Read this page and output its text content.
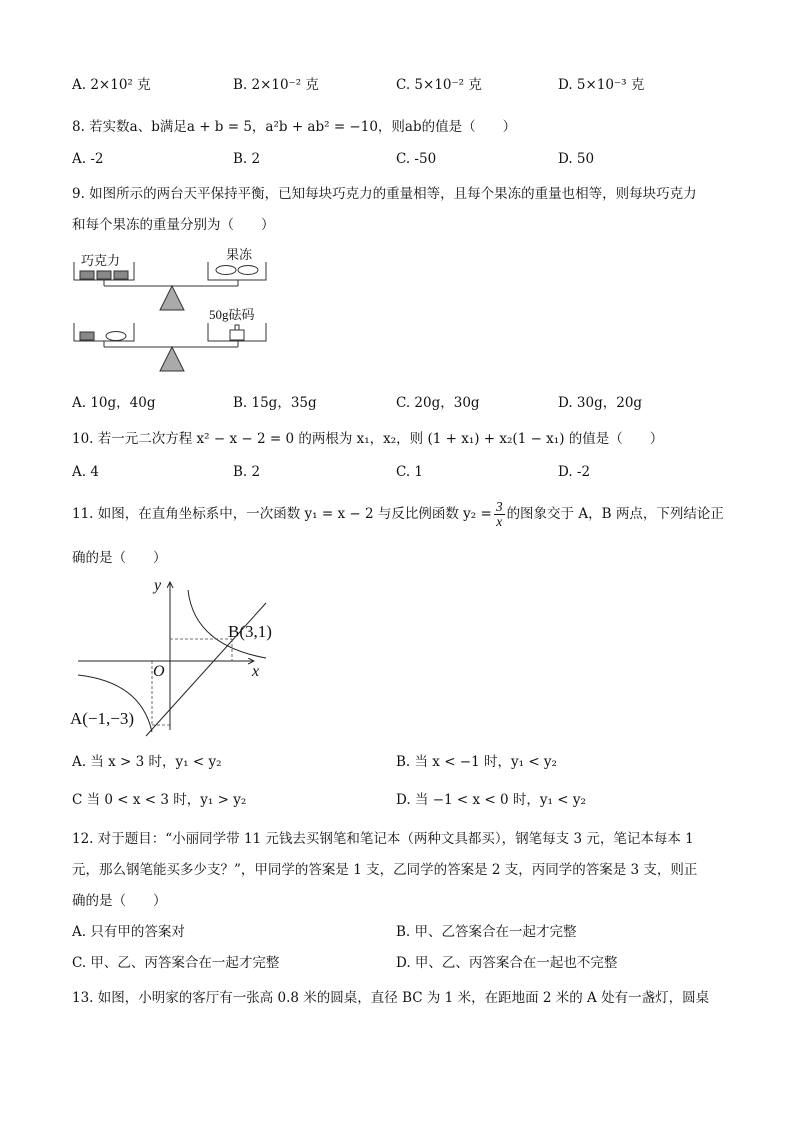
A. 2×10² 克	B. 2×10⁻² 克	C. 5×10⁻² 克	D. 5×10⁻³ 克
8. 若实数a、b满足a + b = 5，a²b + ab² = −10，则ab的值是（　　）
A. -2	B. 2	C. -50	D. 50
9. 如图所示的两台天平保持平衡，已知每块巧克力的重量相等，且每个果冻的重量也相等，则每块巧克力
和每个果冻的重量分别为（　　）
巧克力	果冻
50g砝码
A. 10g，40g	B. 15g，35g	C. 20g，30g	D. 30g，20g
10. 若一元二次方程 x² − x − 2 = 0 的两根为 x₁，x₂，则 (1 + x₁) + x₂(1 − x₁) 的值是（　　）
A. 4	B. 2	C. 1	D. -2
11. 如图，在直角坐标系中，一次函数 y₁ = x − 2 与反比例函数 $y_2 = \frac{3}{x}$ 的图象交于 A，B 两点，下列结论正
确的是（　　）
y
x
O
B(3,1)
A(−1,−3)
A. 当 x > 3 时，y₁ < y₂	B. 当 x < −1 时，y₁ < y₂
C 当 0 < x < 3 时，y₁ > y₂	D. 当 −1 < x < 0 时，y₁ < y₂
12. 对于题目：“小丽同学带 11 元钱去买钢笔和笔记本（两种文具都买），钢笔每支 3 元，笔记本每本 1
元，那么钢笔能买多少支？”，甲同学的答案是 1 支，乙同学的答案是 2 支，丙同学的答案是 3 支，则正
确的是（　　）
A. 只有甲的答案对	B. 甲、乙答案合在一起才完整
C. 甲、乙、丙答案合在一起才完整	D. 甲、乙、丙答案合在一起也不完整
13. 如图，小明家的客厅有一张高 0.8 米的圆桌，直径 BC 为 1 米，在距地面 2 米的 A 处有一盏灯，圆桌
